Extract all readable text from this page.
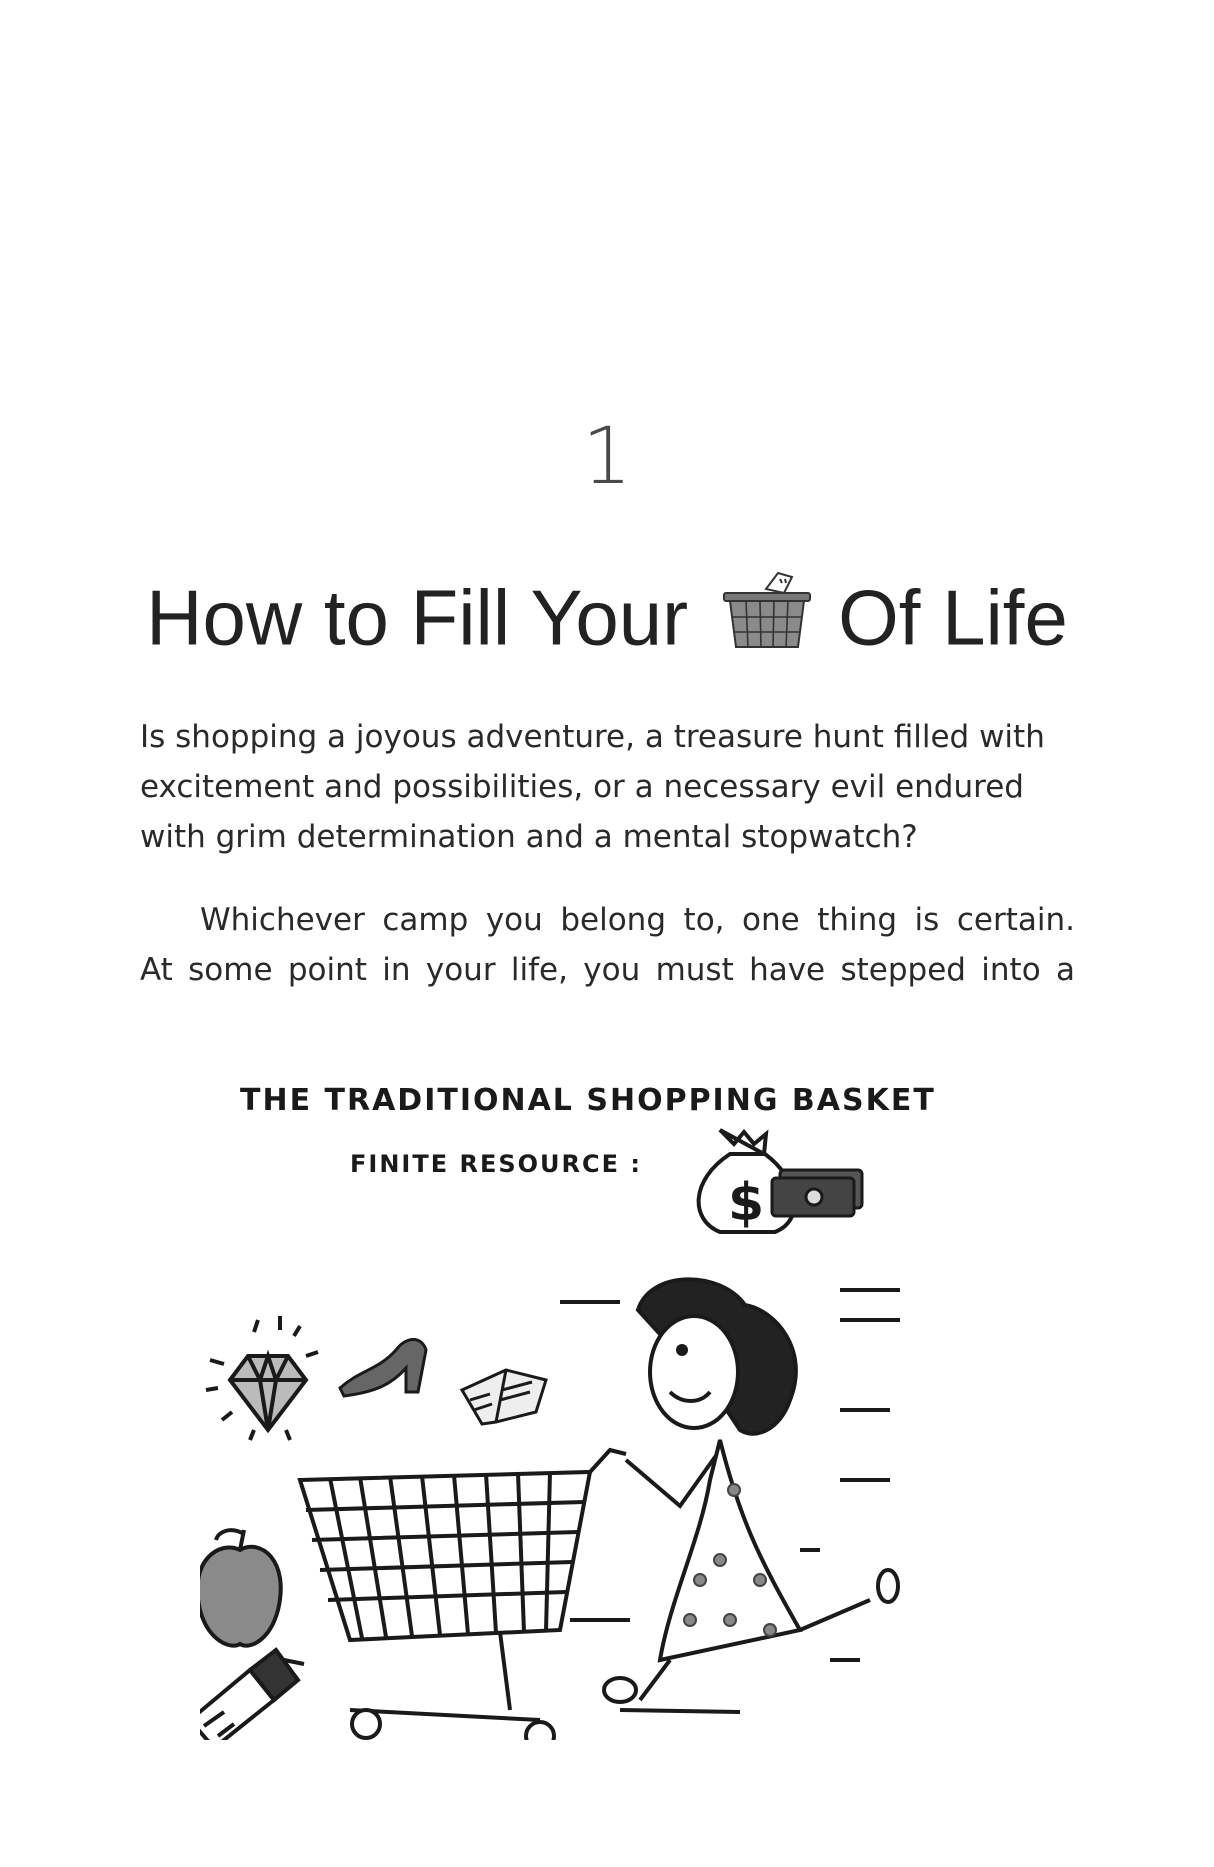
1
How to Fill Your Of Life
Is shopping a joyous adventure, a treasure hunt filled with excitement and possibilities, or a necessary evil endured with grim determination and a mental stopwatch?
Whichever camp you belong to, one thing is certain.
At some point in your life, you must have stepped into a
THE TRADITIONAL SHOPPING BASKET
FINITE RESOURCE :
$
